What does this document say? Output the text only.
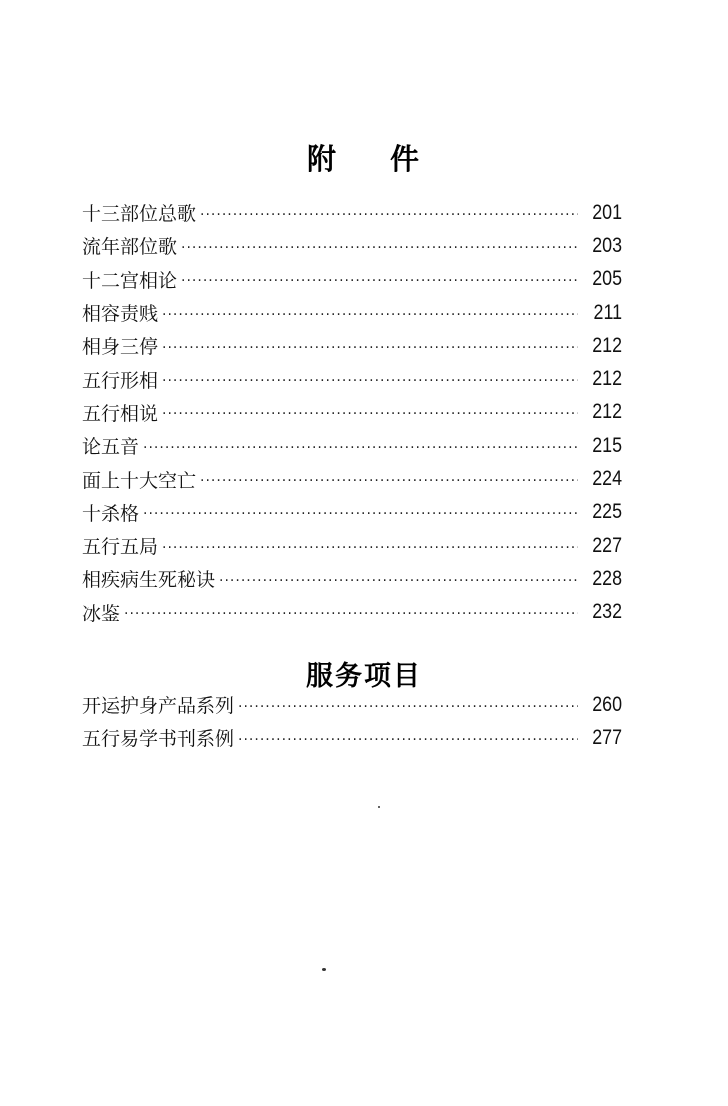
附 件
十三部位总歌 ·····	201
流年部位歌 ·····	203
十二宫相论 ·····	205
相容责贱 ·····	211
相身三停 ·····	212
五行形相 ·····	212
五行相说 ·····	212
论五音 ·····	215
面上十大空亡 ·····	224
十杀格 ·····	225
五行五局 ·····	227
相疾病生死秘诀 ·····	228
冰鉴 ·····	232
服务项目
开运护身产品系列 ·····	260
五行易学书刊系例 ·····	277
